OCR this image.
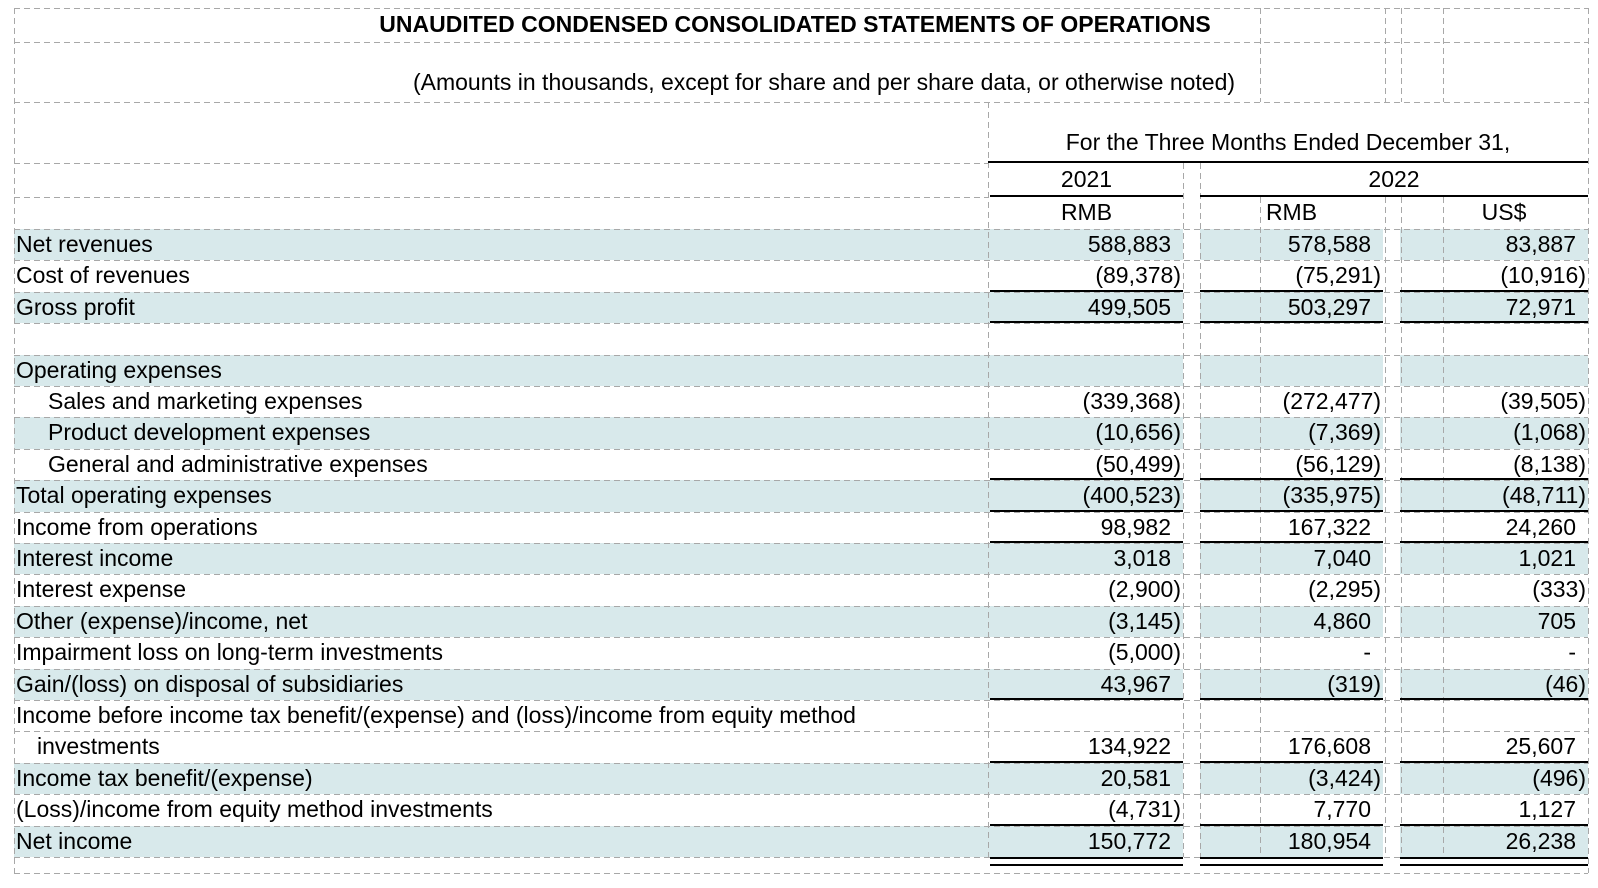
UNAUDITED CONDENSED CONSOLIDATED STATEMENTS OF OPERATIONS
(Amounts in thousands, except for share and per share data, or otherwise noted)
For the Three Months Ended December 31,
2021	2022
RMB	RMB	US$
Net revenues	588,883	578,588	83,887
Cost of revenues	(89,378)	(75,291)	(10,916)
Gross profit	499,505	503,297	72,971
Operating expenses
Sales and marketing expenses	(339,368)	(272,477)	(39,505)
Product development expenses	(10,656)	(7,369)	(1,068)
General and administrative expenses	(50,499)	(56,129)	(8,138)
Total operating expenses	(400,523)	(335,975)	(48,711)
Income from operations	98,982	167,322	24,260
Interest income	3,018	7,040	1,021
Interest expense	(2,900)	(2,295)	(333)
Other (expense)/income, net	(3,145)	4,860	705
Impairment loss on long-term investments	(5,000)	-	-
Gain/(loss) on disposal of subsidiaries	43,967	(319)	(46)
Income before income tax benefit/(expense) and (loss)/income from equity method
investments	134,922	176,608	25,607
Income tax benefit/(expense)	20,581	(3,424)	(496)
(Loss)/income from equity method investments	(4,731)	7,770	1,127
Net income	150,772	180,954	26,238
